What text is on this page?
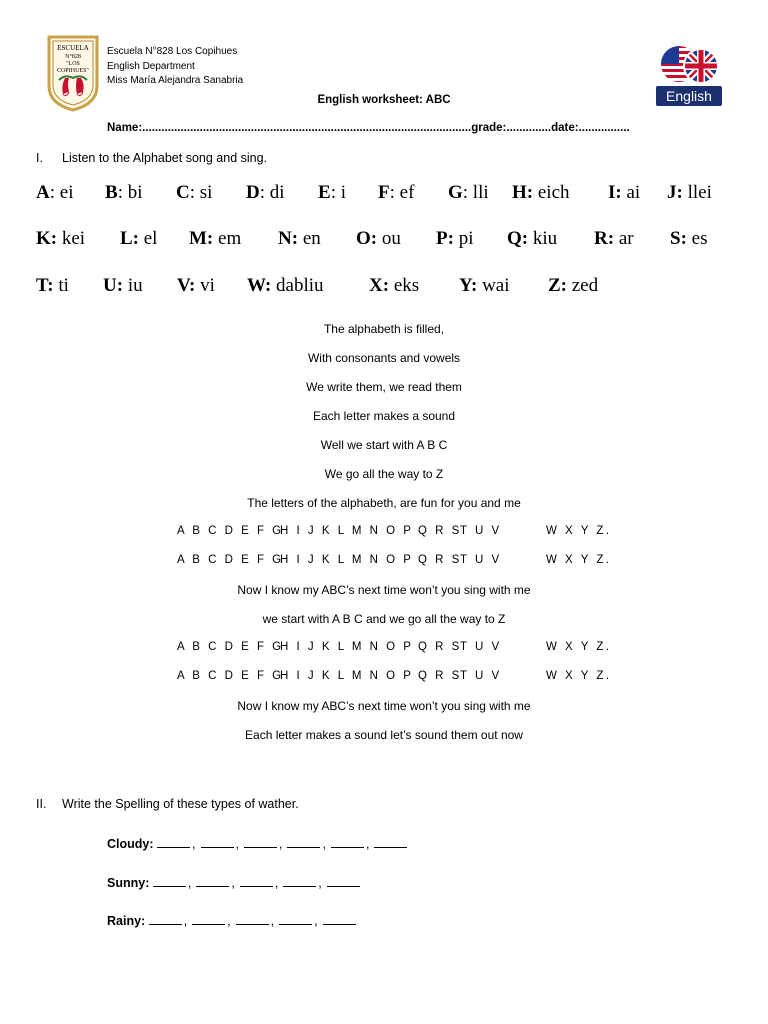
ESCUELA
N°828
"LOS
COPIHUES"
Escuela N°828 Los Copihues
English Department
Miss María Alejandra Sanabria
English
English worksheet: ABC
Name:.......................................................................................................grade:..............date:................
I. Listen to the Alphabet song and sing.
A: ei B: bi C: si D: di E: i F: ef G: lli H: eich I: ai J: llei
K: kei L: el M: em N: en O: ou P: pi Q: kiu R: ar S: es
T: ti U: iu V: vi W: dabliu X: eks Y: wai Z: zed
The alphabeth is filled,
With consonants and vowels
We write them, we read them
Each letter makes a sound
Well we start with A B C
We go all the way to Z
The letters of the alphabeth, are fun for you and me
A B C D E F G
H I J K L M N O P Q R S
T U V	W X Y Z.
A B C D E F G
H I J K L M N O P Q R S
T U V	W X Y Z.
Now I know my ABC’s next time won’t you sing with me
we start with A B C and we go all the way to Z
A B C D E F G
H I J K L M N O P Q R S
T U V	W X Y Z.
A B C D E F G
H I J K L M N O P Q R S
T U V	W X Y Z.
Now I know my ABC’s next time won’t you sing with me
Each letter makes a sound let’s sound them out now
II. Write the Spelling of these types of wather.
Cloudy:	,	,	,	,	,
Sunny:	,	,	,	,
Rainy:	,	,	,	,
